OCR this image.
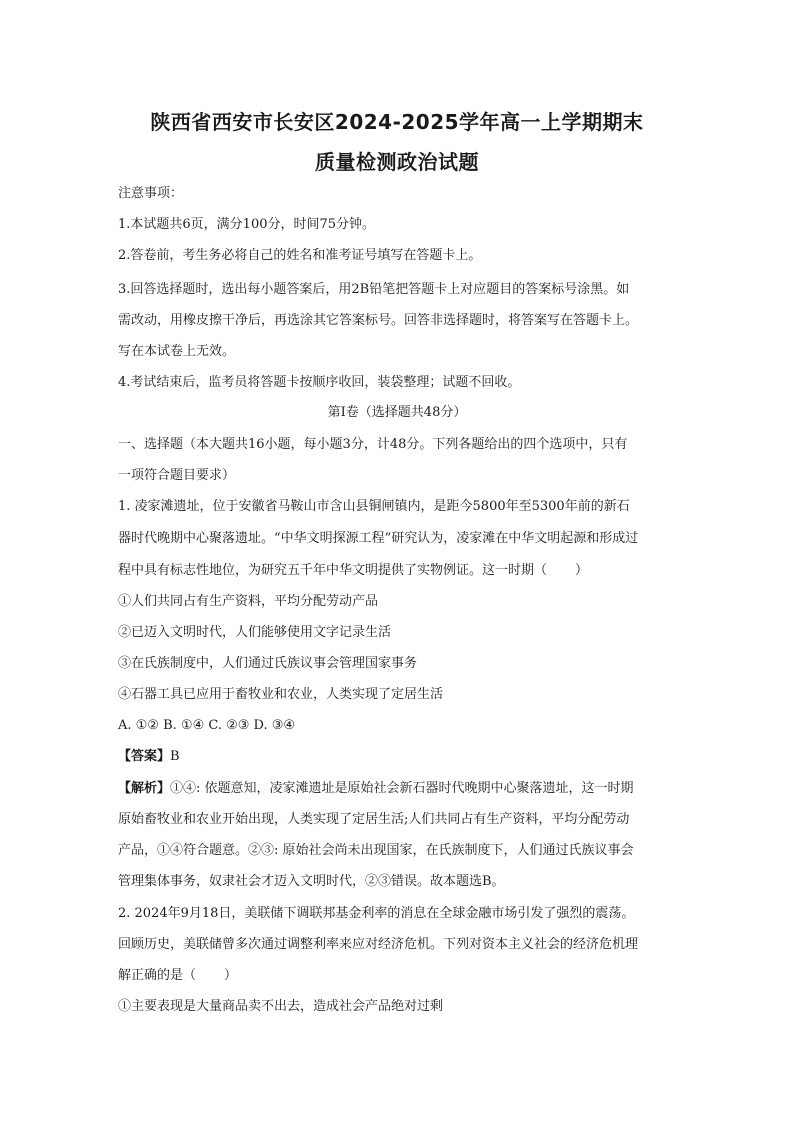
陕西省西安市长安区2024-2025学年高一上学期期末
质量检测政治试题
注意事项：
1.本试题共6页，满分100分，时间75分钟。
2.答卷前，考生务必将自己的姓名和准考证号填写在答题卡上。
3.回答选择题时，选出每小题答案后，用2B铅笔把答题卡上对应题目的答案标号涂黑。如
需改动，用橡皮擦干净后，再选涂其它答案标号。回答非选择题时，将答案写在答题卡上。
写在本试卷上无效。
4.考试结束后，监考员将答题卡按顺序收回，装袋整理；试题不回收。
第Ⅰ卷（选择题共48分）
一、选择题（本大题共16小题，每小题3分，计48分。下列各题给出的四个选项中，只有
一项符合题目要求）
1. 凌家滩遗址，位于安徽省马鞍山市含山县铜闸镇内，是距今5800年至5300年前的新石
器时代晚期中心聚落遗址。“中华文明探源工程”研究认为，凌家滩在中华文明起源和形成过
程中具有标志性地位，为研究五千年中华文明提供了实物例证。这一时期（ ）
①人们共同占有生产资料，平均分配劳动产品
②已迈入文明时代，人们能够使用文字记录生活
③在氏族制度中，人们通过氏族议事会管理国家事务
④石器工具已应用于畜牧业和农业，人类实现了定居生活
A. ①② B. ①④ C. ②③ D. ③④
【答案】B
【解析】①④: 依题意知，凌家滩遗址是原始社会新石器时代晚期中心聚落遗址，这一时期
原始畜牧业和农业开始出现，人类实现了定居生活;人们共同占有生产资料，平均分配劳动
产品，①④符合题意。②③: 原始社会尚未出现国家，在氏族制度下，人们通过氏族议事会
管理集体事务，奴隶社会才迈入文明时代，②③错误。故本题选B。
2. 2024年9月18日，美联储下调联邦基金利率的消息在全球金融市场引发了强烈的震荡。
回顾历史，美联储曾多次通过调整利率来应对经济危机。下列对资本主义社会的经济危机理
解正确的是（ ）
①主要表现是大量商品卖不出去，造成社会产品绝对过剩
